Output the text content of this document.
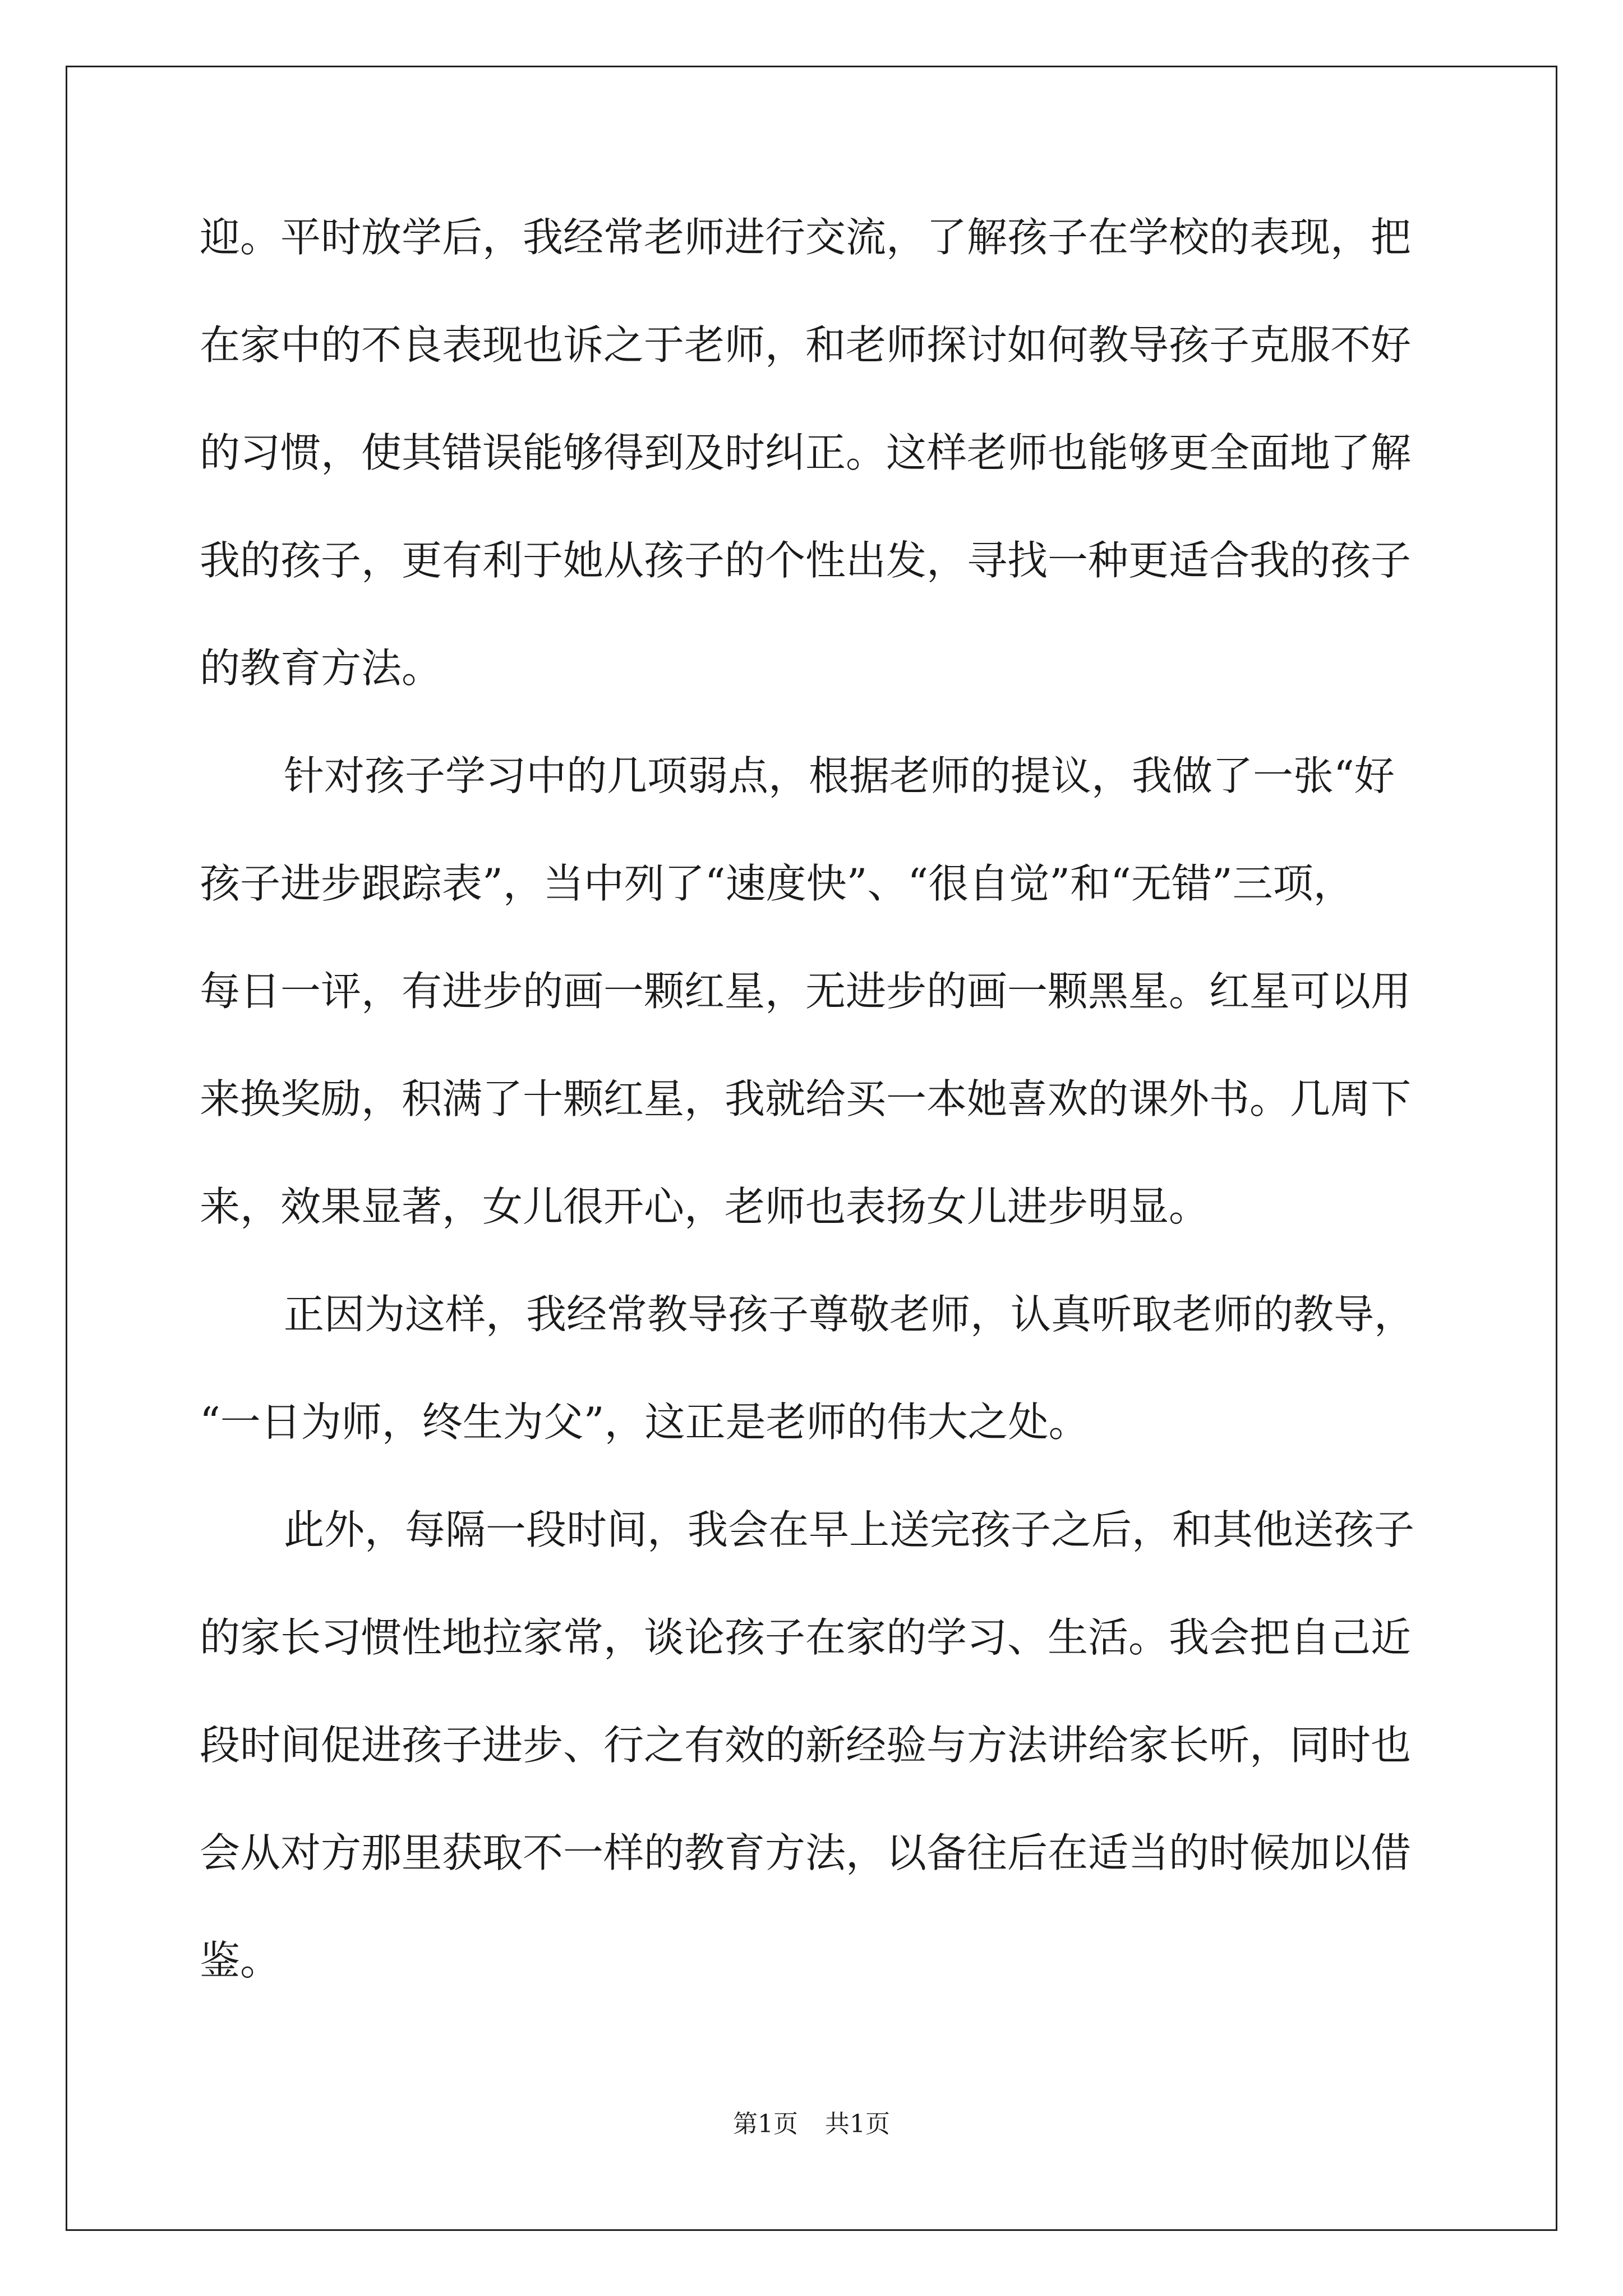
迎。平时放学后，我经常老师进行交流，了解孩子在学校的表现，把
在家中的不良表现也诉之于老师，和老师探讨如何教导孩子克服不好
的习惯，使其错误能够得到及时纠正。这样老师也能够更全面地了解
我的孩子，更有利于她从孩子的个性出发，寻找一种更适合我的孩子
的教育方法。
针对孩子学习中的几项弱点，根据老师的提议，我做了一张“好
孩子进步跟踪表”，当中列了“速度快”、“很自觉”和“无错”三项，
每日一评，有进步的画一颗红星，无进步的画一颗黑星。红星可以用
来换奖励，积满了十颗红星，我就给买一本她喜欢的课外书。几周下
来，效果显著，女儿很开心，老师也表扬女儿进步明显。
正因为这样，我经常教导孩子尊敬老师，认真听取老师的教导，
“一日为师，终生为父”，这正是老师的伟大之处。
此外，每隔一段时间，我会在早上送完孩子之后，和其他送孩子
的家长习惯性地拉家常，谈论孩子在家的学习、生活。我会把自己近
段时间促进孩子进步、行之有效的新经验与方法讲给家长听，同时也
会从对方那里获取不一样的教育方法，以备往后在适当的时候加以借
鉴。
第1页 共1页
